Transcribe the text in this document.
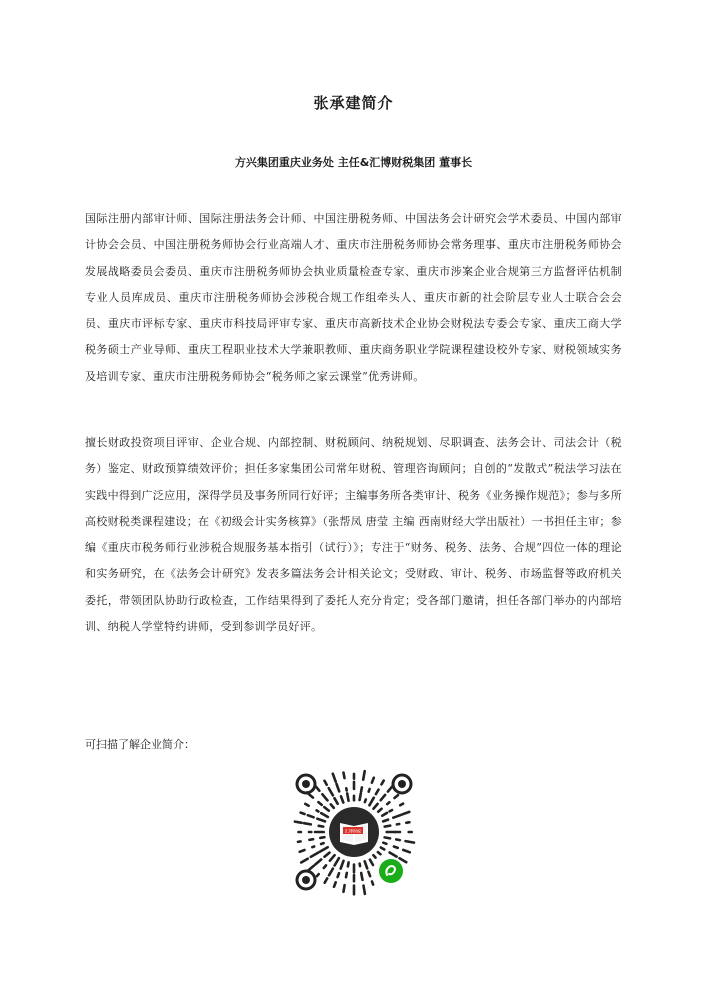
张承建简介
方兴集团重庆业务处 主任&汇博财税集团 董事长

国际注册内部审计师、国际注册法务会计师、中国注册税务师、中国法务会计研究会学术委员、中国内部审计协会会员、中国注册税务师协会行业高端人才、重庆市注册税务师协会常务理事、重庆市注册税务师协会发展战略委员会委员、重庆市注册税务师协会执业质量检查专家、重庆市涉案企业合规第三方监督评估机制专业人员库成员、重庆市注册税务师协会涉税合规工作组牵头人、重庆市新的社会阶层专业人士联合会会员、重庆市评标专家、重庆市科技局评审专家、重庆市高新技术企业协会财税法专委会专家、重庆工商大学税务硕士产业导师、重庆工程职业技术大学兼职教师、重庆商务职业学院课程建设校外专家、财税领域实务及培训专家、重庆市注册税务师协会“税务师之家云课堂”优秀讲师。

擅长财政投资项目评审、企业合规、内部控制、财税顾问、纳税规划、尽职调查、法务会计、司法会计（税务）鉴定、财政预算绩效评价；担任多家集团公司常年财税、管理咨询顾问；自创的“发散式”税法学习法在实践中得到广泛应用，深得学员及事务所同行好评；主编事务所各类审计、税务《业务操作规范》；参与多所高校财税类课程建设；在《初级会计实务核算》（张帮凤 唐莹 主编 西南财经大学出版社）一书担任主审；参编《重庆市税务师行业涉税合规服务基本指引（试行）》；专注于“财务、税务、法务、合规”四位一体的理论和实务研究，在《法务会计研究》发表多篇法务会计相关论文；受财政、审计、税务、市场监督等政府机关委托，带领团队协助行政检查，工作结果得到了委托人充分肯定；受各部门邀请，担任各部门举办的内部培训、纳税人学堂特约讲师，受到参训学员好评。

可扫描了解企业简介：

汇博财税
